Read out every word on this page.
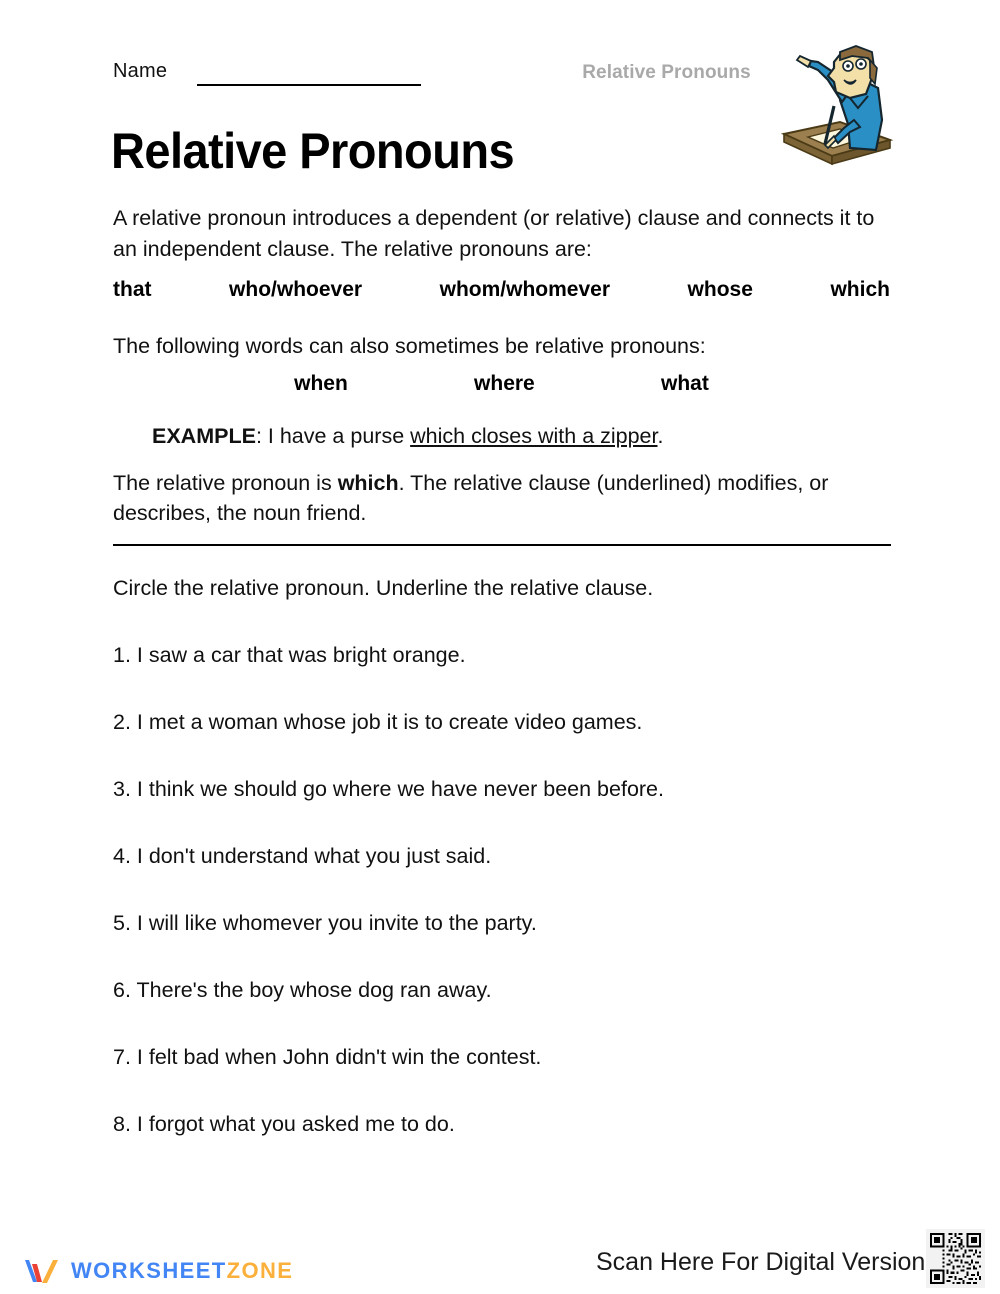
Name	Relative Pronouns
Relative Pronouns
A relative pronoun introduces a dependent (or relative) clause and connects it to an independent clause. The relative pronouns are:
that	who/whoever	whom/whomever	whose	which
The following words can also sometimes be relative pronouns:
when	where	what
EXAMPLE: I have a purse which closes with a zipper.
The relative pronoun is which. The relative clause (underlined) modifies, or describes, the noun friend.
Circle the relative pronoun. Underline the relative clause.
1. I saw a car that was bright orange.
2. I met a woman whose job it is to create video games.
3. I think we should go where we have never been before.
4. I don't understand what you just said.
5. I will like whomever you invite to the party.
6. There's the boy whose dog ran away.
7. I felt bad when John didn't win the contest.
8. I forgot what you asked me to do.
WORKSHEETZONE	Scan Here For Digital Version
